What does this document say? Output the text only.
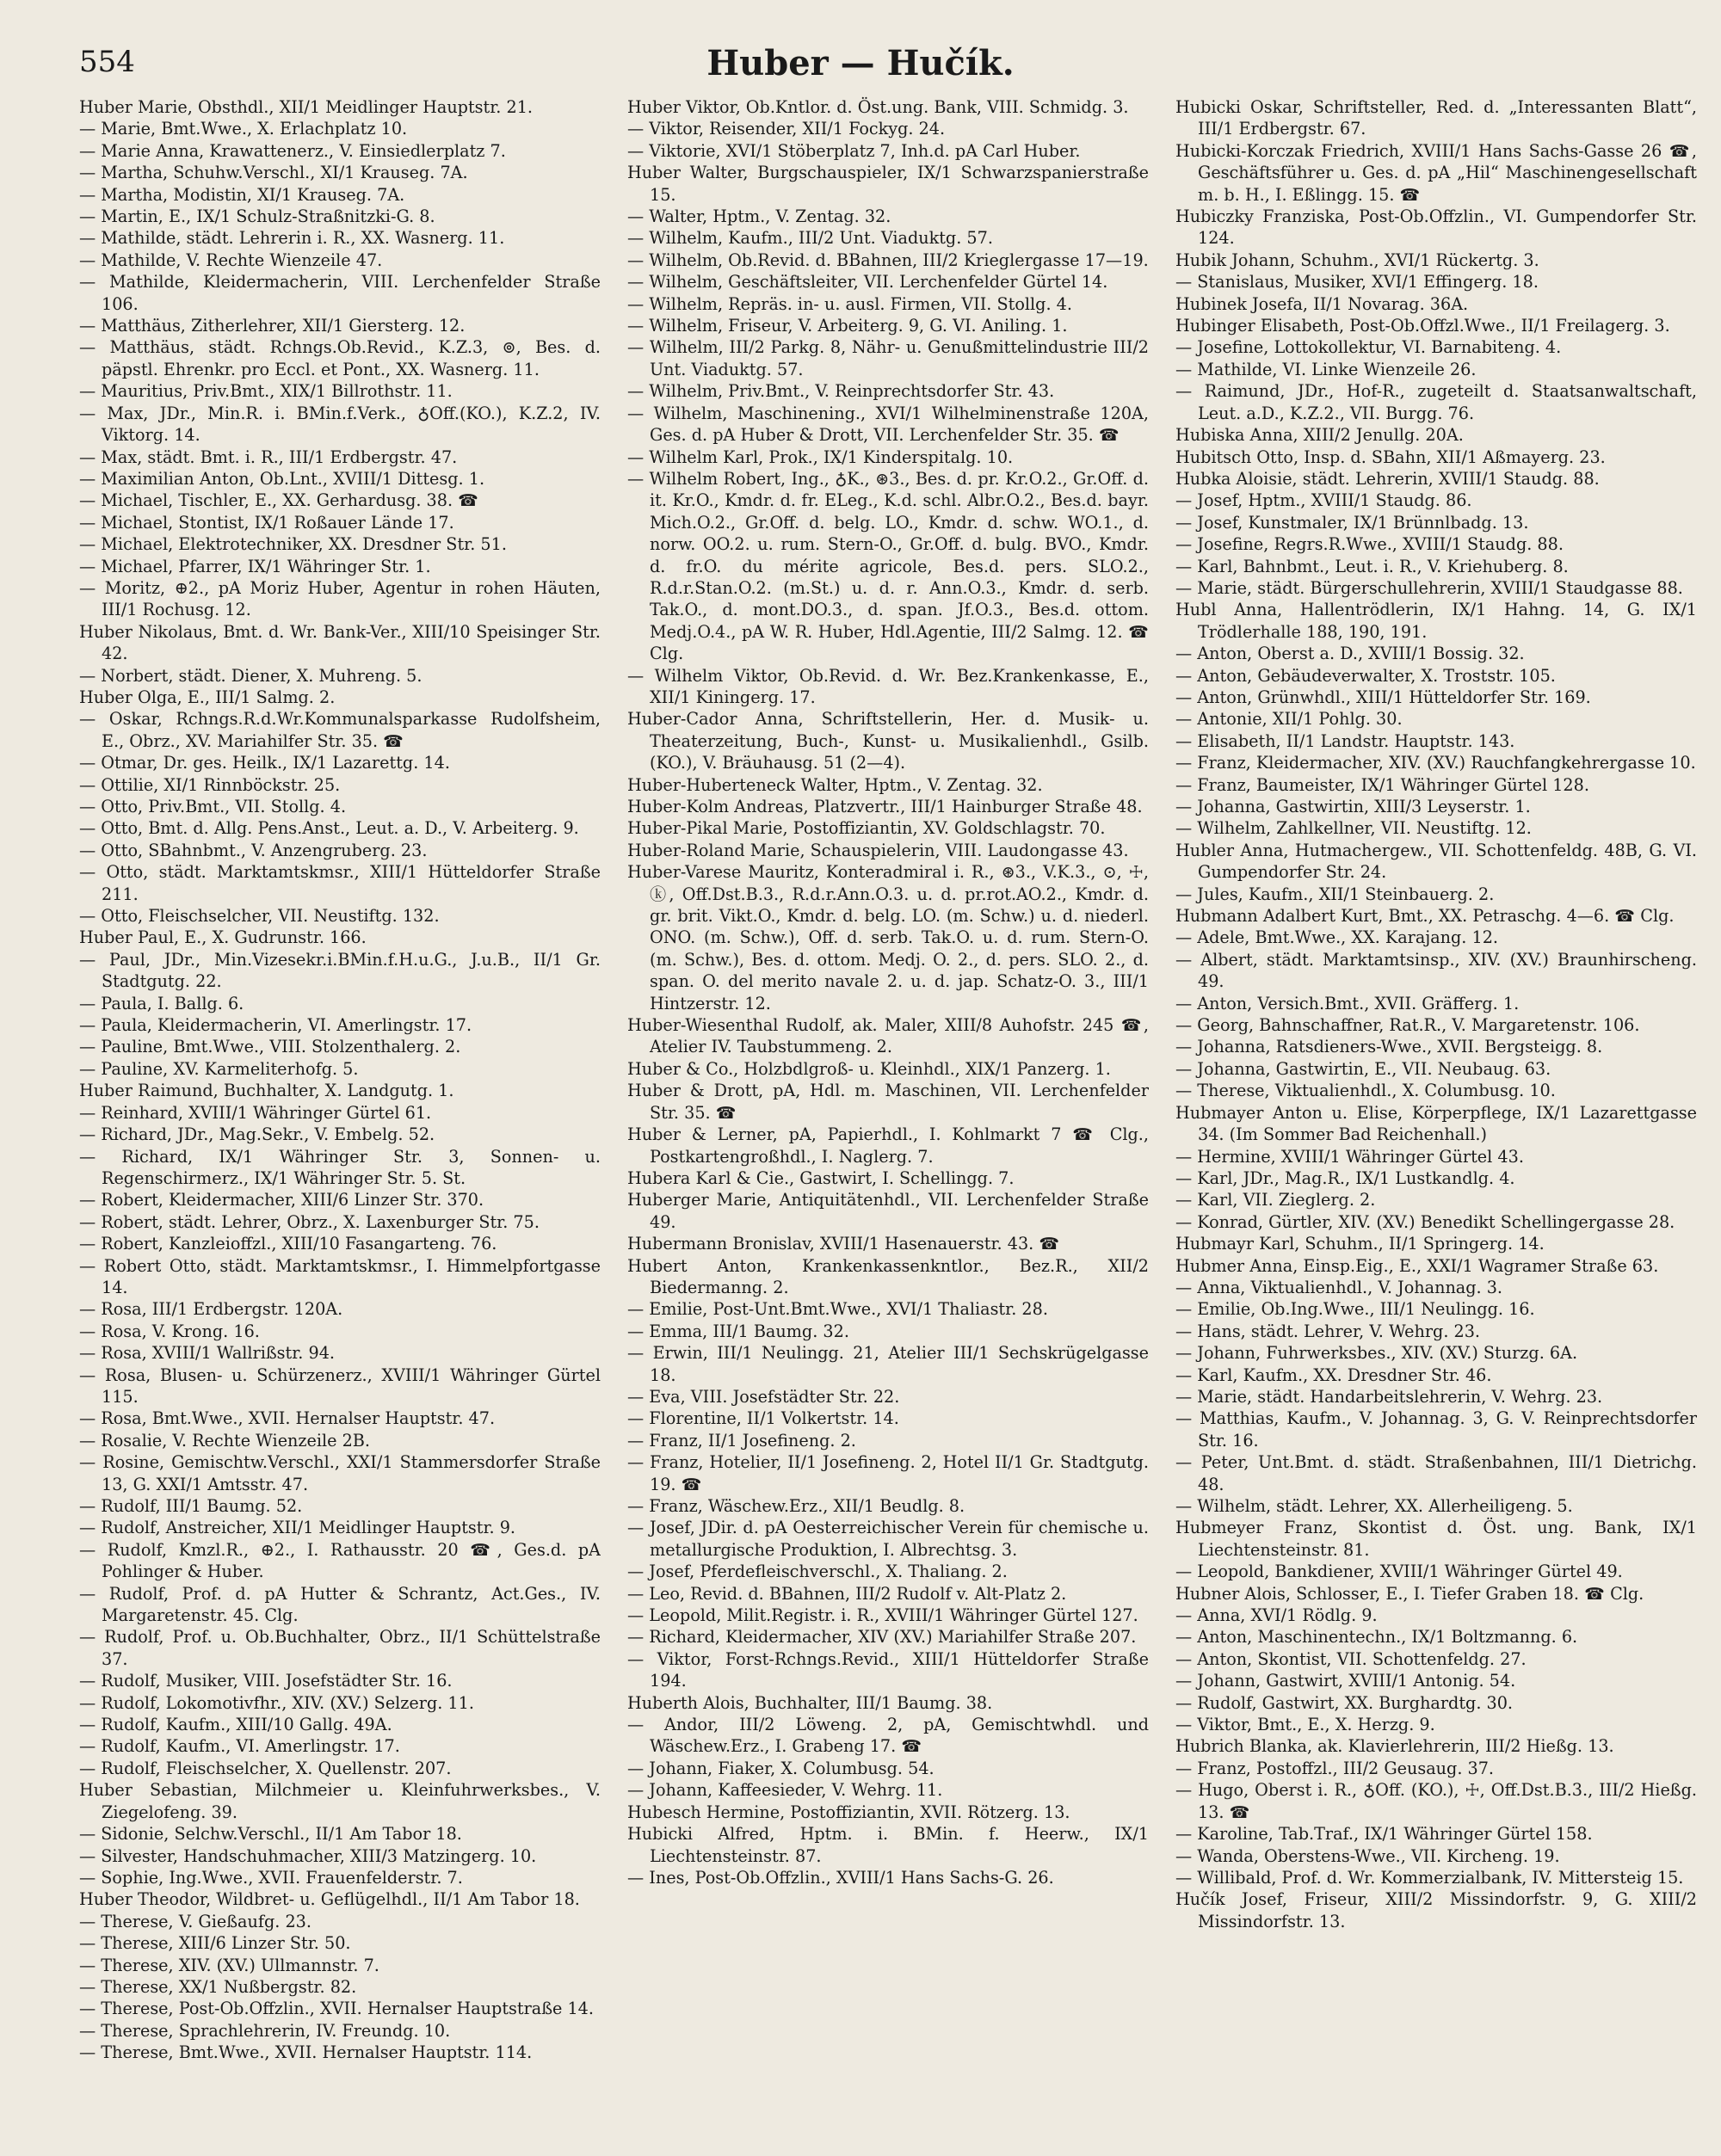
554	Huber — Hučík.
Huber Marie, Obsthdl., XII/1 Meidlinger Hauptstr. 21.
— Marie, Bmt.Wwe., X. Erlachplatz 10.
— Marie Anna, Krawattenerz., V. Einsiedlerplatz 7.
— Martha, Schuhw.Verschl., XI/1 Krauseg. 7A.
— Martha, Modistin, XI/1 Krauseg. 7A.
— Martin, E., IX/1 Schulz-Straßnitzki-G. 8.
— Mathilde, städt. Lehrerin i. R., XX. Wasnerg. 11.
— Mathilde, V. Rechte Wienzeile 47.
— Mathilde, Kleidermacherin, VIII. Lerchenfelder Straße 106.
— Matthäus, Zitherlehrer, XII/1 Giersterg. 12.
— Matthäus, städt. Rchngs.Ob.Revid., K.Z.3, ⊚, Bes. d. päpstl. Ehrenkr. pro Eccl. et Pont., XX. Wasnerg. 11.
— Mauritius, Priv.Bmt., XIX/1 Billrothstr. 11.
— Max, JDr., Min.R. i. BMin.f.Verk., ♁Off.(KO.), K.Z.2, IV. Viktorg. 14.
— Max, städt. Bmt. i. R., III/1 Erdbergstr. 47.
— Maximilian Anton, Ob.Lnt., XVIII/1 Dittesg. 1.
— Michael, Tischler, E., XX. Gerhardusg. 38. ☎
— Michael, Stontist, IX/1 Roßauer Lände 17.
— Michael, Elektrotechniker, XX. Dresdner Str. 51.
— Michael, Pfarrer, IX/1 Währinger Str. 1.
— Moritz, ⊕2., pA Moriz Huber, Agentur in rohen Häuten, III/1 Rochusg. 12.
Huber Nikolaus, Bmt. d. Wr. Bank-Ver., XIII/10 Speisinger Str. 42.
— Norbert, städt. Diener, X. Muhreng. 5.
Huber Olga, E., III/1 Salmg. 2.
— Oskar, Rchngs.R.d.Wr.Kommunalsparkasse Rudolfsheim, E., Obrz., XV. Mariahilfer Str. 35. ☎
— Otmar, Dr. ges. Heilk., IX/1 Lazarettg. 14.
— Ottilie, XI/1 Rinnböckstr. 25.
— Otto, Priv.Bmt., VII. Stollg. 4.
— Otto, Bmt. d. Allg. Pens.Anst., Leut. a. D., V. Arbeiterg. 9.
— Otto, SBahnbmt., V. Anzengruberg. 23.
— Otto, städt. Marktamtskmsr., XIII/1 Hütteldorfer Straße 211.
— Otto, Fleischselcher, VII. Neustiftg. 132.
Huber Paul, E., X. Gudrunstr. 166.
— Paul, JDr., Min.Vizesekr.i.BMin.f.H.u.G., J.u.B., II/1 Gr. Stadtgutg. 22.
— Paula, I. Ballg. 6.
— Paula, Kleidermacherin, VI. Amerlingstr. 17.
— Pauline, Bmt.Wwe., VIII. Stolzenthalerg. 2.
— Pauline, XV. Karmeliterhofg. 5.
Huber Raimund, Buchhalter, X. Landgutg. 1.
— Reinhard, XVIII/1 Währinger Gürtel 61.
— Richard, JDr., Mag.Sekr., V. Embelg. 52.
— Richard, IX/1 Währinger Str. 3, Sonnen- u. Regenschirmerz., IX/1 Währinger Str. 5. St.
— Robert, Kleidermacher, XIII/6 Linzer Str. 370.
— Robert, städt. Lehrer, Obrz., X. Laxenburger Str. 75.
— Robert, Kanzleioffzl., XIII/10 Fasangarteng. 76.
— Robert Otto, städt. Marktamtskmsr., I. Himmelpfortgasse 14.
— Rosa, III/1 Erdbergstr. 120A.
— Rosa, V. Krong. 16.
— Rosa, XVIII/1 Wallrißstr. 94.
— Rosa, Blusen- u. Schürzenerz., XVIII/1 Währinger Gürtel 115.
— Rosa, Bmt.Wwe., XVII. Hernalser Hauptstr. 47.
— Rosalie, V. Rechte Wienzeile 2B.
— Rosine, Gemischtw.Verschl., XXI/1 Stammersdorfer Straße 13, G. XXI/1 Amtsstr. 47.
— Rudolf, III/1 Baumg. 52.
— Rudolf, Anstreicher, XII/1 Meidlinger Hauptstr. 9.
— Rudolf, Kmzl.R., ⊕2., I. Rathausstr. 20 ☎, Ges.d. pA Pohlinger & Huber.
— Rudolf, Prof. d. pA Hutter & Schrantz, Act.Ges., IV. Margaretenstr. 45. Clg.
— Rudolf, Prof. u. Ob.Buchhalter, Obrz., II/1 Schüttelstraße 37.
— Rudolf, Musiker, VIII. Josefstädter Str. 16.
— Rudolf, Lokomotivfhr., XIV. (XV.) Selzerg. 11.
— Rudolf, Kaufm., XIII/10 Gallg. 49A.
— Rudolf, Kaufm., VI. Amerlingstr. 17.
— Rudolf, Fleischselcher, X. Quellenstr. 207.
Huber Sebastian, Milchmeier u. Kleinfuhrwerksbes., V. Ziegelofeng. 39.
— Sidonie, Selchw.Verschl., II/1 Am Tabor 18.
— Silvester, Handschuhmacher, XIII/3 Matzingerg. 10.
— Sophie, Ing.Wwe., XVII. Frauenfelderstr. 7.
Huber Theodor, Wildbret- u. Geflügelhdl., II/1 Am Tabor 18.
— Therese, V. Gießaufg. 23.
— Therese, XIII/6 Linzer Str. 50.
— Therese, XIV. (XV.) Ullmannstr. 7.
— Therese, XX/1 Nußbergstr. 82.
— Therese, Post-Ob.Offzlin., XVII. Hernalser Hauptstraße 14.
— Therese, Sprachlehrerin, IV. Freundg. 10.
— Therese, Bmt.Wwe., XVII. Hernalser Hauptstr. 114.
Huber Viktor, Ob.Kntlor. d. Öst.ung. Bank, VIII. Schmidg. 3.
— Viktor, Reisender, XII/1 Fockyg. 24.
— Viktorie, XVI/1 Stöberplatz 7, Inh.d. pA Carl Huber.
Huber Walter, Burgschauspieler, IX/1 Schwarzspanierstraße 15.
— Walter, Hptm., V. Zentag. 32.
— Wilhelm, Kaufm., III/2 Unt. Viaduktg. 57.
— Wilhelm, Ob.Revid. d. BBahnen, III/2 Krieglergasse 17—19.
— Wilhelm, Geschäftsleiter, VII. Lerchenfelder Gürtel 14.
— Wilhelm, Repräs. in- u. ausl. Firmen, VII. Stollg. 4.
— Wilhelm, Friseur, V. Arbeiterg. 9, G. VI. Aniling. 1.
— Wilhelm, III/2 Parkg. 8, Nähr- u. Genußmittelindustrie III/2 Unt. Viaduktg. 57.
— Wilhelm, Priv.Bmt., V. Reinprechtsdorfer Str. 43.
— Wilhelm, Maschinening., XVI/1 Wilhelminenstraße 120A, Ges. d. pA Huber & Drott, VII. Lerchenfelder Str. 35. ☎
— Wilhelm Karl, Prok., IX/1 Kinderspitalg. 10.
— Wilhelm Robert, Ing., ♁K., ⊛3., Bes. d. pr. Kr.O.2., Gr.Off. d. it. Kr.O., Kmdr. d. fr. ELeg., K.d. schl. Albr.O.2., Bes.d. bayr. Mich.O.2., Gr.Off. d. belg. LO., Kmdr. d. schw. WO.1., d. norw. OO.2. u. rum. Stern-O., Gr.Off. d. bulg. BVO., Kmdr. d. fr.O. du mérite agricole, Bes.d. pers. SLO.2., R.d.r.Stan.O.2. (m.St.) u. d. r. Ann.O.3., Kmdr. d. serb. Tak.O., d. mont.DO.3., d. span. Jf.O.3., Bes.d. ottom. Medj.O.4., pA W. R. Huber, Hdl.Agentie, III/2 Salmg. 12. ☎ Clg.
— Wilhelm Viktor, Ob.Revid. d. Wr. Bez.Krankenkasse, E., XII/1 Kiningerg. 17.
Huber-Cador Anna, Schriftstellerin, Her. d. Musik- u. Theaterzeitung, Buch-, Kunst- u. Musikalienhdl., Gsilb. (KO.), V. Bräuhausg. 51 (2—4).
Huber-Huberteneck Walter, Hptm., V. Zentag. 32.
Huber-Kolm Andreas, Platzvertr., III/1 Hainburger Straße 48.
Huber-Pikal Marie, Postoffiziantin, XV. Goldschlagstr. 70.
Huber-Roland Marie, Schauspielerin, VIII. Laudongasse 43.
Huber-Varese Mauritz, Konteradmiral i. R., ⊛3., V.K.3., ⊙, ☩, ⓚ, Off.Dst.B.3., R.d.r.Ann.O.3. u. d. pr.rot.AO.2., Kmdr. d. gr. brit. Vikt.O., Kmdr. d. belg. LO. (m. Schw.) u. d. niederl. ONO. (m. Schw.), Off. d. serb. Tak.O. u. d. rum. Stern-O. (m. Schw.), Bes. d. ottom. Medj. O. 2., d. pers. SLO. 2., d. span. O. del merito navale 2. u. d. jap. Schatz-O. 3., III/1 Hintzerstr. 12.
Huber-Wiesenthal Rudolf, ak. Maler, XIII/8 Auhofstr. 245 ☎, Atelier IV. Taubstummeng. 2.
Huber & Co., Holzbdlgroß- u. Kleinhdl., XIX/1 Panzerg. 1.
Huber & Drott, pA, Hdl. m. Maschinen, VII. Lerchenfelder Str. 35. ☎
Huber & Lerner, pA, Papierhdl., I. Kohlmarkt 7 ☎ Clg., Postkartengroßhdl., I. Naglerg. 7.
Hubera Karl & Cie., Gastwirt, I. Schellingg. 7.
Huberger Marie, Antiquitätenhdl., VII. Lerchenfelder Straße 49.
Hubermann Bronislav, XVIII/1 Hasenauerstr. 43. ☎
Hubert Anton, Krankenkassenkntlor., Bez.R., XII/2 Biedermanng. 2.
— Emilie, Post-Unt.Bmt.Wwe., XVI/1 Thaliastr. 28.
— Emma, III/1 Baumg. 32.
— Erwin, III/1 Neulingg. 21, Atelier III/1 Sechskrügelgasse 18.
— Eva, VIII. Josefstädter Str. 22.
— Florentine, II/1 Volkertstr. 14.
— Franz, II/1 Josefineng. 2.
— Franz, Hotelier, II/1 Josefineng. 2, Hotel II/1 Gr. Stadtgutg. 19. ☎
— Franz, Wäschew.Erz., XII/1 Beudlg. 8.
— Josef, JDir. d. pA Oesterreichischer Verein für chemische u. metallurgische Produktion, I. Albrechtsg. 3.
— Josef, Pferdefleischverschl., X. Thaliang. 2.
— Leo, Revid. d. BBahnen, III/2 Rudolf v. Alt-Platz 2.
— Leopold, Milit.Registr. i. R., XVIII/1 Währinger Gürtel 127.
— Richard, Kleidermacher, XIV (XV.) Mariahilfer Straße 207.
— Viktor, Forst-Rchngs.Revid., XIII/1 Hütteldorfer Straße 194.
Huberth Alois, Buchhalter, III/1 Baumg. 38.
— Andor, III/2 Löweng. 2, pA, Gemischtwhdl. und Wäschew.Erz., I. Grabeng 17. ☎
— Johann, Fiaker, X. Columbusg. 54.
— Johann, Kaffeesieder, V. Wehrg. 11.
Hubesch Hermine, Postoffiziantin, XVII. Rötzerg. 13.
Hubicki Alfred, Hptm. i. BMin. f. Heerw., IX/1 Liechtensteinstr. 87.
— Ines, Post-Ob.Offzlin., XVIII/1 Hans Sachs-G. 26.
Hubicki Oskar, Schriftsteller, Red. d. „Interessanten Blatt“, III/1 Erdbergstr. 67.
Hubicki-Korczak Friedrich, XVIII/1 Hans Sachs-Gasse 26 ☎, Geschäftsführer u. Ges. d. pA „Hil“ Maschinengesellschaft m. b. H., I. Eßlingg. 15. ☎
Hubiczky Franziska, Post-Ob.Offzlin., VI. Gumpendorfer Str. 124.
Hubik Johann, Schuhm., XVI/1 Rückertg. 3.
— Stanislaus, Musiker, XVI/1 Effingerg. 18.
Hubinek Josefa, II/1 Novarag. 36A.
Hubinger Elisabeth, Post-Ob.Offzl.Wwe., II/1 Freilagerg. 3.
— Josefine, Lottokollektur, VI. Barnabiteng. 4.
— Mathilde, VI. Linke Wienzeile 26.
— Raimund, JDr., Hof-R., zugeteilt d. Staatsanwaltschaft, Leut. a.D., K.Z.2., VII. Burgg. 76.
Hubiska Anna, XIII/2 Jenullg. 20A.
Hubitsch Otto, Insp. d. SBahn, XII/1 Aßmayerg. 23.
Hubka Aloisie, städt. Lehrerin, XVIII/1 Staudg. 88.
— Josef, Hptm., XVIII/1 Staudg. 86.
— Josef, Kunstmaler, IX/1 Brünnlbadg. 13.
— Josefine, Regrs.R.Wwe., XVIII/1 Staudg. 88.
— Karl, Bahnbmt., Leut. i. R., V. Kriehuberg. 8.
— Marie, städt. Bürgerschullehrerin, XVIII/1 Staudgasse 88.
Hubl Anna, Hallentrödlerin, IX/1 Hahng. 14, G. IX/1 Trödlerhalle 188, 190, 191.
— Anton, Oberst a. D., XVIII/1 Bossig. 32.
— Anton, Gebäudeverwalter, X. Troststr. 105.
— Anton, Grünwhdl., XIII/1 Hütteldorfer Str. 169.
— Antonie, XII/1 Pohlg. 30.
— Elisabeth, II/1 Landstr. Hauptstr. 143.
— Franz, Kleidermacher, XIV. (XV.) Rauchfangkehrergasse 10.
— Franz, Baumeister, IX/1 Währinger Gürtel 128.
— Johanna, Gastwirtin, XIII/3 Leyserstr. 1.
— Wilhelm, Zahlkellner, VII. Neustiftg. 12.
Hubler Anna, Hutmachergew., VII. Schottenfeldg. 48B, G. VI. Gumpendorfer Str. 24.
— Jules, Kaufm., XII/1 Steinbauerg. 2.
Hubmann Adalbert Kurt, Bmt., XX. Petraschg. 4—6. ☎ Clg.
— Adele, Bmt.Wwe., XX. Karajang. 12.
— Albert, städt. Marktamtsinsp., XIV. (XV.) Braunhirscheng. 49.
— Anton, Versich.Bmt., XVII. Gräfferg. 1.
— Georg, Bahnschaffner, Rat.R., V. Margaretenstr. 106.
— Johanna, Ratsdieners-Wwe., XVII. Bergsteigg. 8.
— Johanna, Gastwirtin, E., VII. Neubaug. 63.
— Therese, Viktualienhdl., X. Columbusg. 10.
Hubmayer Anton u. Elise, Körperpflege, IX/1 Lazarettgasse 34. (Im Sommer Bad Reichenhall.)
— Hermine, XVIII/1 Währinger Gürtel 43.
— Karl, JDr., Mag.R., IX/1 Lustkandlg. 4.
— Karl, VII. Zieglerg. 2.
— Konrad, Gürtler, XIV. (XV.) Benedikt Schellingergasse 28.
Hubmayr Karl, Schuhm., II/1 Springerg. 14.
Hubmer Anna, Einsp.Eig., E., XXI/1 Wagramer Straße 63.
— Anna, Viktualienhdl., V. Johannag. 3.
— Emilie, Ob.Ing.Wwe., III/1 Neulingg. 16.
— Hans, städt. Lehrer, V. Wehrg. 23.
— Johann, Fuhrwerksbes., XIV. (XV.) Sturzg. 6A.
— Karl, Kaufm., XX. Dresdner Str. 46.
— Marie, städt. Handarbeitslehrerin, V. Wehrg. 23.
— Matthias, Kaufm., V. Johannag. 3, G. V. Reinprechtsdorfer Str. 16.
— Peter, Unt.Bmt. d. städt. Straßenbahnen, III/1 Dietrichg. 48.
— Wilhelm, städt. Lehrer, XX. Allerheiligeng. 5.
Hubmeyer Franz, Skontist d. Öst. ung. Bank, IX/1 Liechtensteinstr. 81.
— Leopold, Bankdiener, XVIII/1 Währinger Gürtel 49.
Hubner Alois, Schlosser, E., I. Tiefer Graben 18. ☎ Clg.
— Anna, XVI/1 Rödlg. 9.
— Anton, Maschinentechn., IX/1 Boltzmanng. 6.
— Anton, Skontist, VII. Schottenfeldg. 27.
— Johann, Gastwirt, XVIII/1 Antonig. 54.
— Rudolf, Gastwirt, XX. Burghardtg. 30.
— Viktor, Bmt., E., X. Herzg. 9.
Hubrich Blanka, ak. Klavierlehrerin, III/2 Hießg. 13.
— Franz, Postoffzl., III/2 Geusaug. 37.
— Hugo, Oberst i. R., ♁Off. (KO.), ☩, Off.Dst.B.3., III/2 Hießg. 13. ☎
— Karoline, Tab.Traf., IX/1 Währinger Gürtel 158.
— Wanda, Oberstens-Wwe., VII. Kircheng. 19.
— Willibald, Prof. d. Wr. Kommerzialbank, IV. Mittersteig 15.
Hučík Josef, Friseur, XIII/2 Missindorfstr. 9, G. XIII/2 Missindorfstr. 13.
